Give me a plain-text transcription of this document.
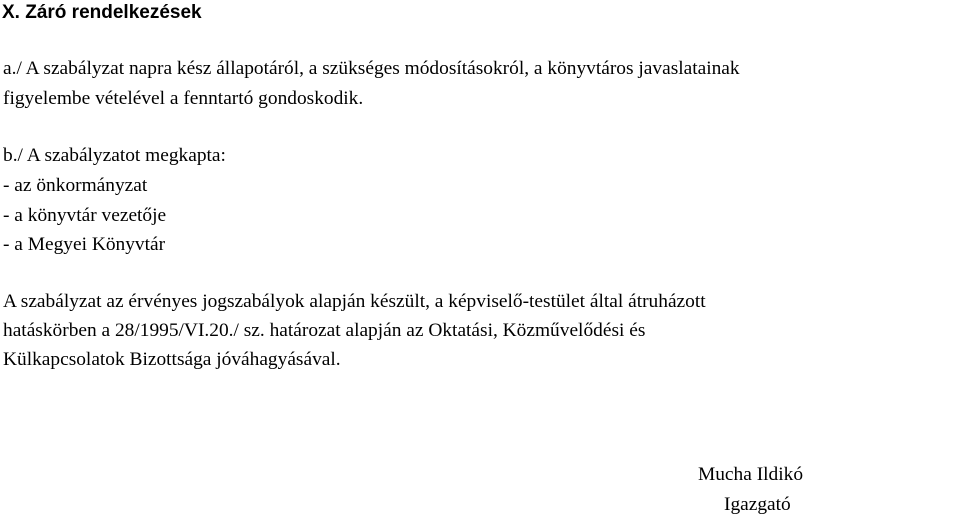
X. Záró rendelkezések
a./ A szabályzat napra kész állapotáról, a szükséges módosításokról, a könyvtáros javaslatainak
figyelembe vételével a fenntartó gondoskodik.
b./ A szabályzatot megkapta:
- az önkormányzat
- a könyvtár vezetője
- a Megyei Könyvtár
A szabályzat az érvényes jogszabályok alapján készült, a képviselő-testület által átruházott
hatáskörben a 28/1995/VI.20./ sz. határozat alapján az Oktatási, Közművelődési és
Külkapcsolatok Bizottsága jóváhagyásával.
Mucha Ildikó
Igazgató
